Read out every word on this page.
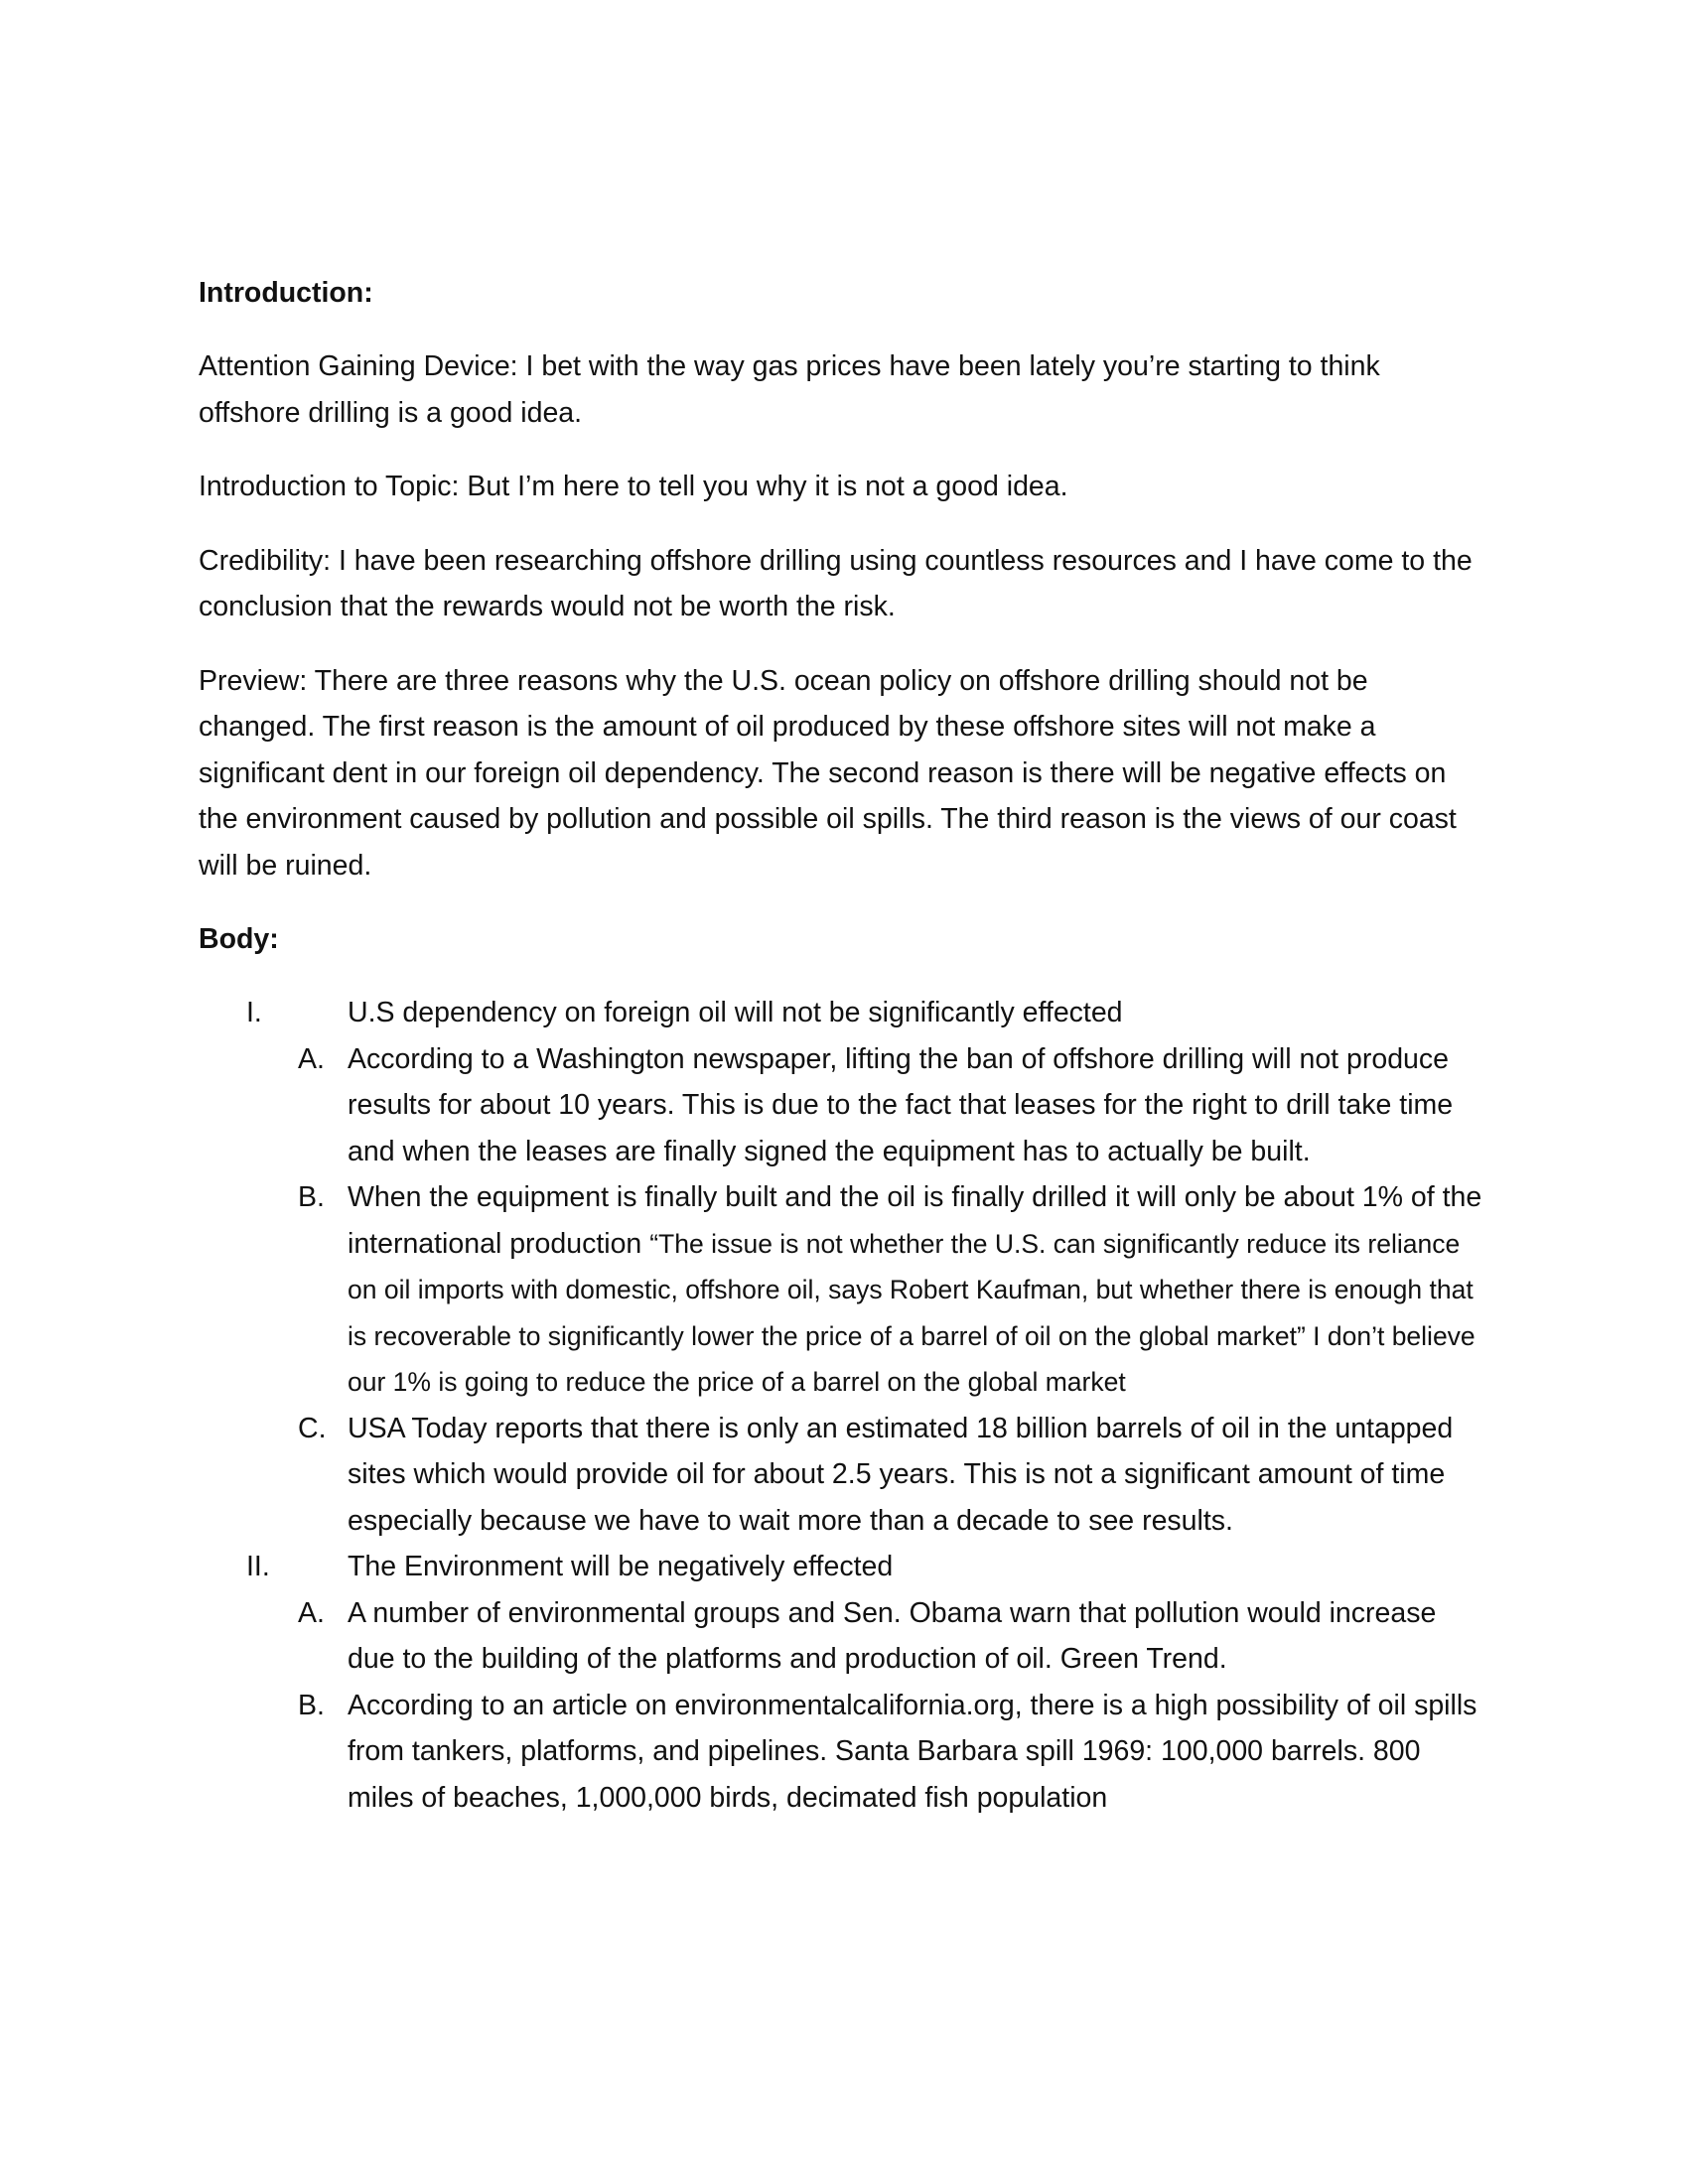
Introduction:
Attention Gaining Device: I bet with the way gas prices have been lately you’re starting to think offshore drilling is a good idea.
Introduction to Topic: But I’m here to tell you why it is not a good idea.
Credibility: I have been researching offshore drilling using countless resources and I have come to the conclusion that the rewards would not be worth the risk.
Preview: There are three reasons why the U.S. ocean policy on offshore drilling should not be changed. The first reason is the amount of oil produced by these offshore sites will not make a significant dent in our foreign oil dependency. The second reason is there will be negative effects on the environment caused by pollution and possible oil spills. The third reason is the views of our coast will be ruined.
Body:
I.	U.S dependency on foreign oil will not be significantly effected
A. According to a Washington newspaper, lifting the ban of offshore drilling will not produce results for about 10 years. This is due to the fact that leases for the right to drill take time and when the leases are finally signed the equipment has to actually be built.
B. When the equipment is finally built and the oil is finally drilled it will only be about 1% of the international production “The issue is not whether the U.S. can significantly reduce its reliance on oil imports with domestic, offshore oil, says Robert Kaufman, but whether there is enough that is recoverable to significantly lower the price of a barrel of oil on the global market” I don’t believe our 1% is going to reduce the price of a barrel on the global market
C. USA Today reports that there is only an estimated 18 billion barrels of oil in the untapped sites which would provide oil for about 2.5 years. This is not a significant amount of time especially because we have to wait more than a decade to see results.
II.	The Environment will be negatively effected
A. A number of environmental groups and Sen. Obama warn that pollution would increase due to the building of the platforms and production of oil. Green Trend.
B. According to an article on environmentalcalifornia.org, there is a high possibility of oil spills from tankers, platforms, and pipelines. Santa Barbara spill 1969: 100,000 barrels. 800 miles of beaches, 1,000,000 birds, decimated fish population
